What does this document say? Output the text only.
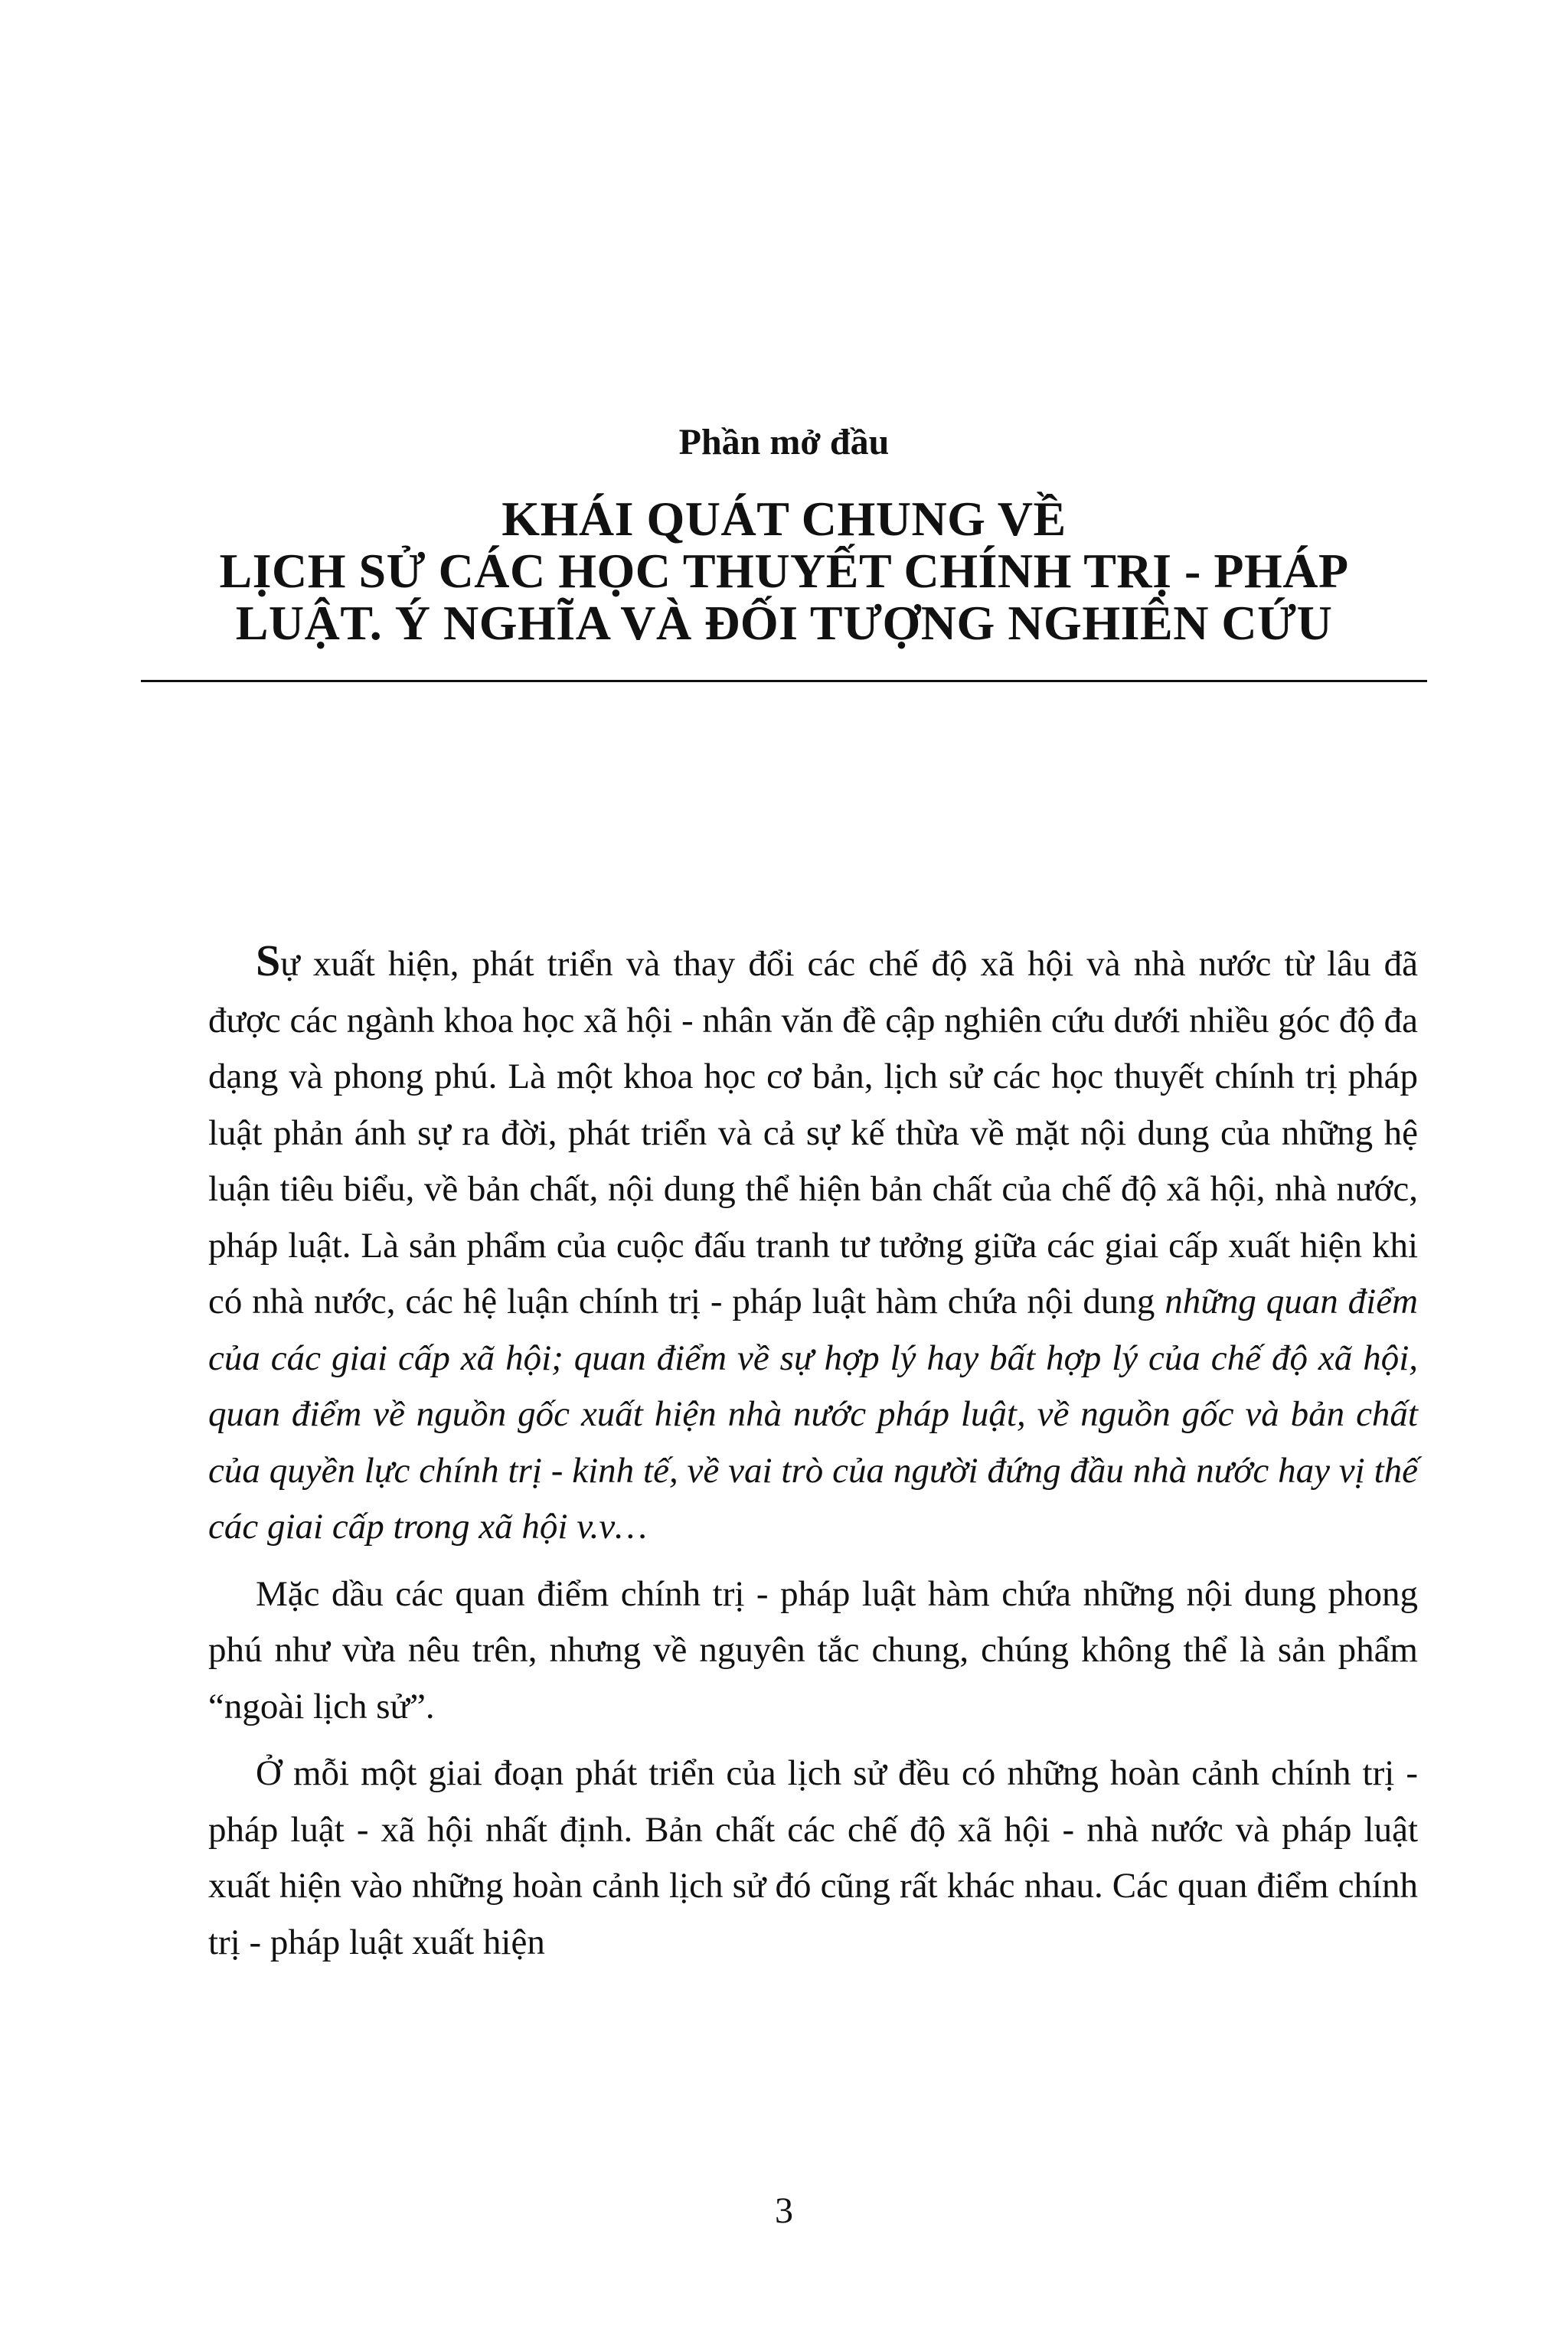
Phần mở đầu
KHÁI QUÁT CHUNG VỀ
LỊCH SỬ CÁC HỌC THUYẾT CHÍNH TRỊ - PHÁP
LUẬT. Ý NGHĨA VÀ ĐỐI TƯỢNG NGHIÊN CỨU

Sự xuất hiện, phát triển và thay đổi các chế độ xã hội và nhà nước từ lâu đã được các ngành khoa học xã hội - nhân văn đề cập nghiên cứu dưới nhiều góc độ đa dạng và phong phú. Là một khoa học cơ bản, lịch sử các học thuyết chính trị pháp luật phản ánh sự ra đời, phát triển và cả sự kế thừa về mặt nội dung của những hệ luận tiêu biểu, về bản chất, nội dung thể hiện bản chất của chế độ xã hội, nhà nước, pháp luật. Là sản phẩm của cuộc đấu tranh tư tưởng giữa các giai cấp xuất hiện khi có nhà nước, các hệ luận chính trị - pháp luật hàm chứa nội dung những quan điểm của các giai cấp xã hội; quan điểm về sự hợp lý hay bất hợp lý của chế độ xã hội, quan điểm về nguồn gốc xuất hiện nhà nước pháp luật, về nguồn gốc và bản chất của quyền lực chính trị - kinh tế, về vai trò của người đứng đầu nhà nước hay vị thế các giai cấp trong xã hội v.v…

Mặc dầu các quan điểm chính trị - pháp luật hàm chứa những nội dung phong phú như vừa nêu trên, nhưng về nguyên tắc chung, chúng không thể là sản phẩm “ngoài lịch sử”.

Ở mỗi một giai đoạn phát triển của lịch sử đều có những hoàn cảnh chính trị - pháp luật - xã hội nhất định. Bản chất các chế độ xã hội - nhà nước và pháp luật xuất hiện vào những hoàn cảnh lịch sử đó cũng rất khác nhau. Các quan điểm chính trị - pháp luật xuất hiện

3
